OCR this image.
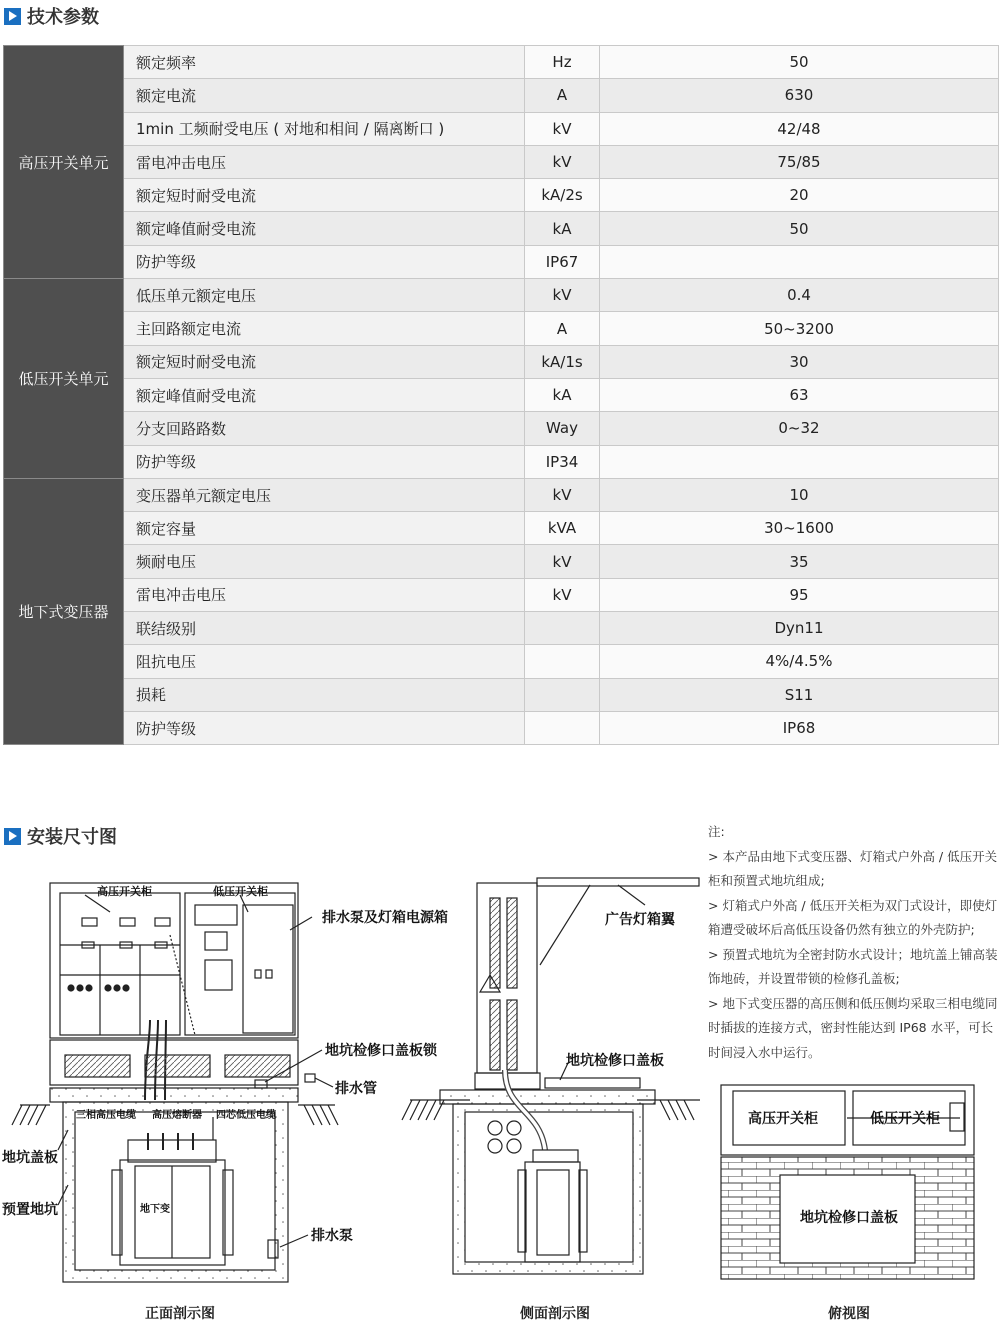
技术参数
高压开关单元	额定频率	Hz	50
	额定电流	A	630
	1min 工频耐受电压 ( 对地和相间 / 隔离断口 )	kV	42/48
	雷电冲击电压	kV	75/85
	额定短时耐受电流	kA/2s	20
	额定峰值耐受电流	kA	50
	防护等级	IP67	
低压开关单元	低压单元额定电压	kV	0.4
	主回路额定电流	A	50~3200
	额定短时耐受电流	kA/1s	30
	额定峰值耐受电流	kA	63
	分支回路路数	Way	0~32
	防护等级	IP34	
地下式变压器	变压器单元额定电压	kV	10
	额定容量	kVA	30~1600
	频耐电压	kV	35
	雷电冲击电压	kV	95
	联结级别		Dyn11
	阻抗电压		4%/4.5%
	损耗		S11
	防护等级		IP68
安装尺寸图	注:

> 本产品由地下式变压器、灯箱式户外高 / 低压开关柜和预置式地坑组成;

> 灯箱式户外高 / 低压开关柜为双门式设计，即使灯箱遭受破坏后高低压设备仍然有独立的外壳防护;

> 预置式地坑为全密封防水式设计；地坑盖上铺高装饰地砖，并设置带锁的检修孔盖板;

> 地下式变压器的高压侧和低压侧均采取三相电缆同时插拔的连接方式，密封性能达到 IP68 水平，可长时间浸入水中运行。

高压开关柜	低压开关柜
排水泵及灯箱电源箱
地坑检修口盖板锁
排水管
地坑盖板
预置地坑
三相高压电缆 高压熔断器 四芯低压电缆
地下变
排水泵
广告灯箱翼
地坑检修口盖板
高压开关柜	低压开关柜
地坑检修口盖板
正面剖示图	侧面剖示图	俯视图
